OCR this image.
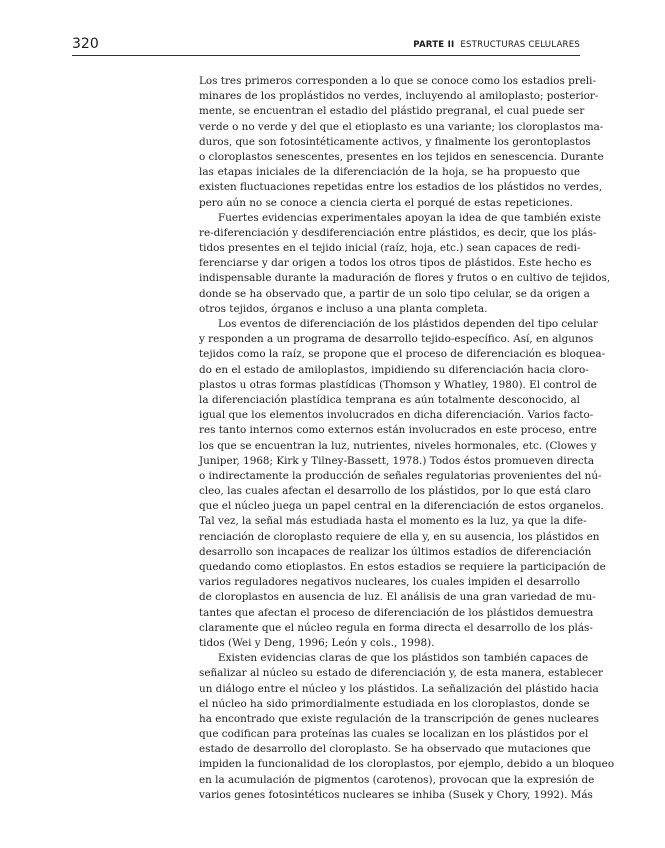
320	PARTE II ESTRUCTURAS CELULARES
Los tres primeros corresponden a lo que se conoce como los estadios preli-
minares de los proplástidos no verdes, incluyendo al amiloplasto; posterior-
mente, se encuentran el estadio del plástido pregranal, el cual puede ser
verde o no verde y del que el etioplasto es una variante; los cloroplastos ma-
duros, que son fotosintéticamente activos, y finalmente los gerontoplastos
o cloroplastos senescentes, presentes en los tejidos en senescencia. Durante
las etapas iniciales de la diferenciación de la hoja, se ha propuesto que
existen fluctuaciones repetidas entre los estadios de los plástidos no verdes,
pero aún no se conoce a ciencia cierta el porqué de estas repeticiones.
Fuertes evidencias experimentales apoyan la idea de que también existe
re-diferenciación y desdiferenciación entre plástidos, es decir, que los plás-
tidos presentes en el tejido inicial (raíz, hoja, etc.) sean capaces de redi-
ferenciarse y dar origen a todos los otros tipos de plástidos. Este hecho es
indispensable durante la maduración de flores y frutos o en cultivo de tejidos,
donde se ha observado que, a partir de un solo tipo celular, se da origen a
otros tejidos, órganos e incluso a una planta completa.
Los eventos de diferenciación de los plástidos dependen del tipo celular
y responden a un programa de desarrollo tejido-específico. Así, en algunos
tejidos como la raíz, se propone que el proceso de diferenciación es bloquea-
do en el estado de amiloplastos, impidiendo su diferenciación hacia cloro-
plastos u otras formas plastídicas (Thomson y Whatley, 1980). El control de
la diferenciación plastídica temprana es aún totalmente desconocido, al
igual que los elementos involucrados en dicha diferenciación. Varios facto-
res tanto internos como externos están involucrados en este proceso, entre
los que se encuentran la luz, nutrientes, niveles hormonales, etc. (Clowes y
Juniper, 1968; Kirk y Tilney-Bassett, 1978.) Todos éstos promueven directa
o indirectamente la producción de señales regulatorias provenientes del nú-
cleo, las cuales afectan el desarrollo de los plástidos, por lo que está claro
que el núcleo juega un papel central en la diferenciación de estos organelos.
Tal vez, la señal más estudiada hasta el momento es la luz, ya que la dife-
renciación de cloroplasto requiere de ella y, en su ausencia, los plástidos en
desarrollo son incapaces de realizar los últimos estadios de diferenciación
quedando como etioplastos. En estos estadios se requiere la participación de
varios reguladores negativos nucleares, los cuales impiden el desarrollo
de cloroplastos en ausencia de luz. El análisis de una gran variedad de mu-
tantes que afectan el proceso de diferenciación de los plástidos demuestra
claramente que el núcleo regula en forma directa el desarrollo de los plás-
tidos (Wei y Deng, 1996; León y cols., 1998).
Existen evidencias claras de que los plástidos son también capaces de
señalizar al núcleo su estado de diferenciación y, de esta manera, establecer
un diálogo entre el núcleo y los plástidos. La señalización del plástido hacia
el núcleo ha sido primordialmente estudiada en los cloroplastos, donde se
ha encontrado que existe regulación de la transcripción de genes nucleares
que codifican para proteínas las cuales se localizan en los plástidos por el
estado de desarrollo del cloroplasto. Se ha observado que mutaciones que
impiden la funcionalidad de los cloroplastos, por ejemplo, debido a un bloqueo
en la acumulación de pigmentos (carotenos), provocan que la expresión de
varios genes fotosintéticos nucleares se inhiba (Susek y Chory, 1992). Más
